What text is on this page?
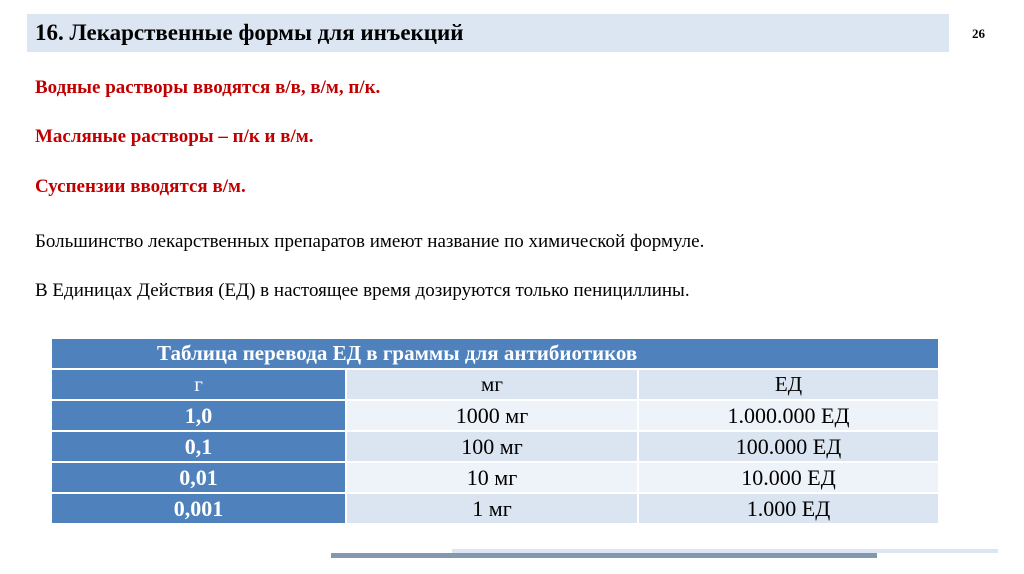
16. Лекарственные формы для инъекций	26
Водные растворы вводятся в/в, в/м, п/к.
Масляные растворы – п/к и в/м.
Суспензии вводятся в/м.
Большинство лекарственных препаратов имеют название по химической формуле.
В Единицах Действия (ЕД) в настоящее время дозируются только пенициллины.
Таблица перевода ЕД в граммы для антибиотиков		
г	мг	ЕД
1,0	1000 мг	1.000.000 ЕД
0,1	100 мг	100.000 ЕД
0,01	10 мг	10.000 ЕД
0,001	1 мг	1.000 ЕД
